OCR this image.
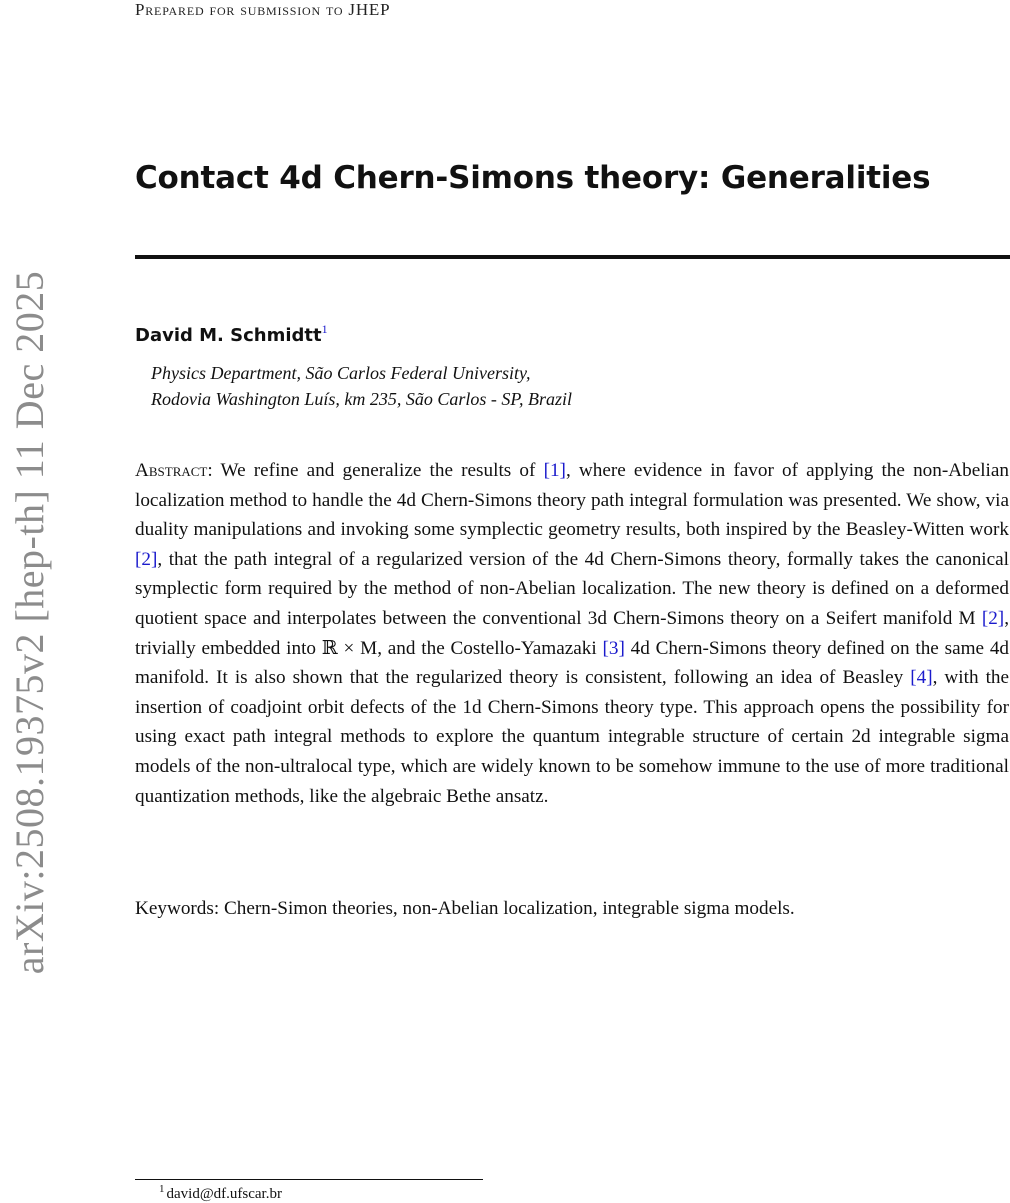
arXiv:2508.19375v2 [hep-th] 11 Dec 2025
Prepared for submission to JHEP
Contact 4d Chern-Simons theory: Generalities
David M. Schmidtt$^1$
Physics Department, São Carlos Federal University,
Rodovia Washington Luís, km 235, São Carlos - SP, Brazil
Abstract: We refine and generalize the results of [1], where evidence in favor of applying the non-Abelian localization method to handle the 4d Chern-Simons theory path integral formulation was presented. We show, via duality manipulations and invoking some symplectic geometry results, both inspired by the Beasley-Witten work [2], that the path integral of a regularized version of the 4d Chern-Simons theory, formally takes the canonical symplectic form required by the method of non-Abelian localization. The new theory is defined on a deformed quotient space and interpolates between the conventional 3d Chern-Simons theory on a Seifert manifold M [2], trivially embedded into ℝ × M, and the Costello-Yamazaki [3] 4d Chern-Simons theory defined on the same 4d manifold. It is also shown that the regularized theory is consistent, following an idea of Beasley [4], with the insertion of coadjoint orbit defects of the 1d Chern-Simons theory type. This approach opens the possibility for using exact path integral methods to explore the quantum integrable structure of certain 2d integrable sigma models of the non-ultralocal type, which are widely known to be somehow immune to the use of more traditional quantization methods, like the algebraic Bethe ansatz.
Keywords: Chern-Simon theories, non-Abelian localization, integrable sigma models.
$^1$ david@df.ufscar.br
